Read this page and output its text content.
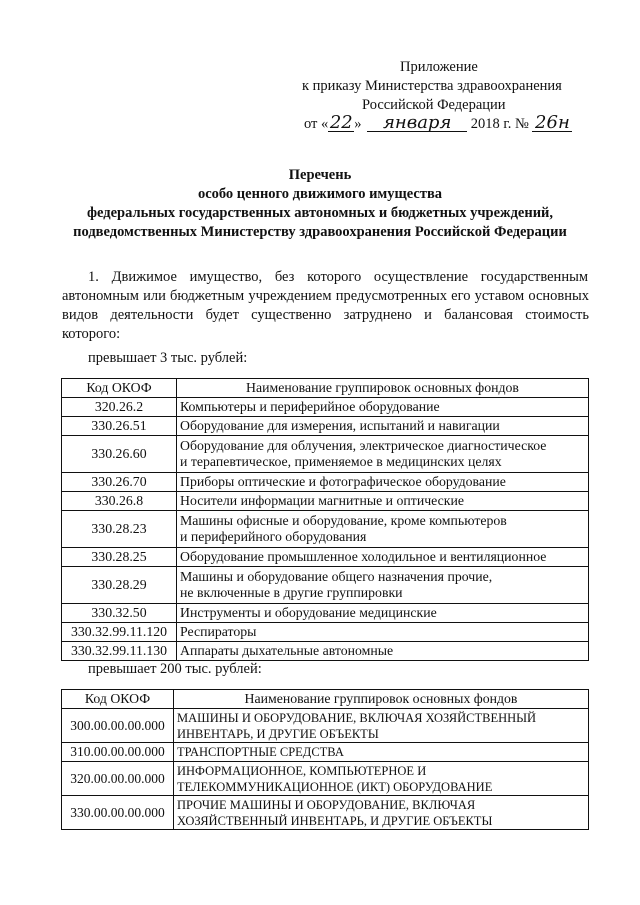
Приложение
к приказу Министерства здравоохранения
Российской Федерации
от «22 » января 2018 г. № 26н
Перечень
особо ценного движимого имущества
федеральных государственных автономных и бюджетных учреждений,
подведомственных Министерству здравоохранения Российской Федерации
1. Движимое имущество, без которого осуществление государственным
автономным или бюджетным учреждением предусмотренных его уставом основных видов деятельности будет существенно затруднено и балансовая стоимость которого:
превышает 3 тыс. рублей:
Код ОКОФ	Наименование группировок основных фондов
320.26.2	Компьютеры и периферийное оборудование
330.26.51	Оборудование для измерения, испытаний и навигации
330.26.60	Оборудование для облучения, электрическое диагностическое
и терапевтическое, применяемое в медицинских целях

330.26.70	Приборы оптические и фотографическое оборудование
330.26.8	Носители информации магнитные и оптические
330.28.23	Машины офисные и оборудование, кроме компьютеров
и периферийного оборудования

330.28.25	Оборудование промышленное холодильное и вентиляционное
330.28.29	Машины и оборудование общего назначения прочие,
не включенные в другие группировки

330.32.50	Инструменты и оборудование медицинские
330.32.99.11.120	Респираторы
330.32.99.11.130	Аппараты дыхательные автономные
превышает 200 тыс. рублей:
Код ОКОФ	Наименование группировок основных фондов
300.00.00.00.000	МАШИНЫ И ОБОРУДОВАНИЕ, ВКЛЮЧАЯ ХОЗЯЙСТВЕННЫЙ
ИНВЕНТАРЬ, И ДРУГИЕ ОБЪЕКТЫ

310.00.00.00.000	ТРАНСПОРТНЫЕ СРЕДСТВА
320.00.00.00.000	ИНФОРМАЦИОННОЕ, КОМПЬЮТЕРНОЕ И
ТЕЛЕКОММУНИКАЦИОННОЕ (ИКТ) ОБОРУДОВАНИЕ

330.00.00.00.000	ПРОЧИЕ МАШИНЫ И ОБОРУДОВАНИЕ, ВКЛЮЧАЯ
ХОЗЯЙСТВЕННЫЙ ИНВЕНТАРЬ, И ДРУГИЕ ОБЪЕКТЫ
